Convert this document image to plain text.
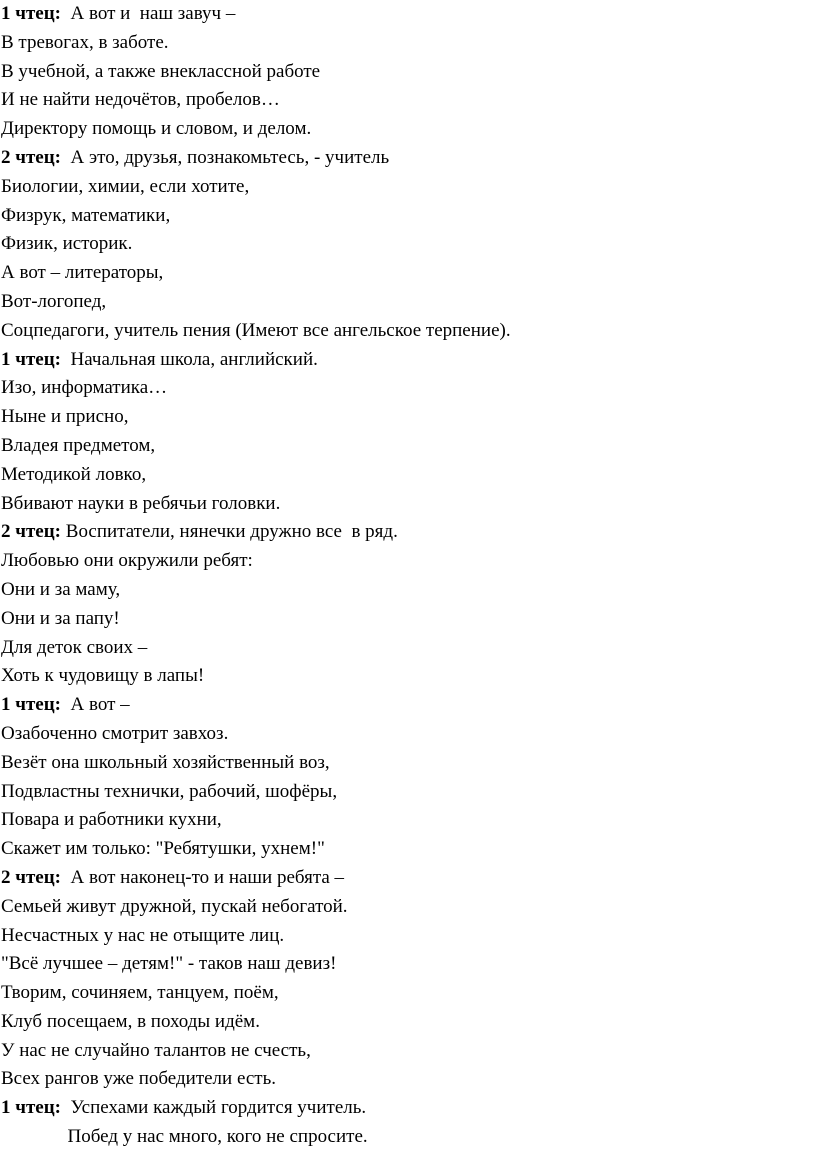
1 чтец:  А вот и  наш завуч –
В тревогах, в заботе.
В учебной, а также внеклассной работе
И не найти недочётов, пробелов…
Директору помощь и словом, и делом.
2 чтец:  А это, друзья, познакомьтесь, - учитель
Биологии, химии, если хотите,
Физрук, математики,
Физик, историк.
А вот – литераторы,
Вот-логопед,
Соцпедагоги, учитель пения (Имеют все ангельское терпение).
1 чтец:  Начальная школа, английский.
Изо, информатика…
Ныне и присно,
Владея предметом,
Методикой ловко,
Вбивают науки в ребячьи головки.
2 чтец: Воспитатели, нянечки дружно все  в ряд.
Любовью они окружили ребят:
Они и за маму,
Они и за папу!
Для деток своих –
Хоть к чудовищу в лапы!
1 чтец:  А вот –
Озабоченно смотрит завхоз.
Везёт она школьный хозяйственный воз,
Подвластны технички, рабочий, шофёры,
Повара и работники кухни,
Скажет им только: "Ребятушки, ухнем!"
2 чтец:  А вот наконец-то и наши ребята –
Семьей живут дружной, пускай небогатой.
Несчастных у нас не отыщите лиц.
"Всё лучшее – детям!" - таков наш девиз!
Творим, сочиняем, танцуем, поём,
Клуб посещаем, в походы идём.
У нас не случайно талантов не счесть,
Всех рангов уже победители есть.
1 чтец:  Успехами каждый гордится учитель.
Побед у нас много, кого не спросите.
